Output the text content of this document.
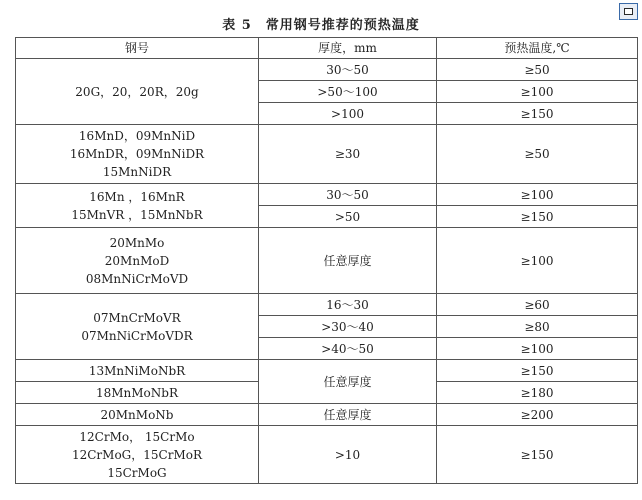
表 5　常用钢号推荐的预热温度
钢号	厚度，mm	预热温度,℃

20G，20，20R，20g	30～50	≥50
	>50～100	≥100
	>100	≥150

16MnD，09MnNiD
16MnDR，09MnNiDR
15MnNiDR	≥30	≥50

16Mn ，16MnR
15MnVR ，15MnNbR	30～50	≥100
	>50	≥150

20MnMo
20MnMoD
08MnNiCrMoVD	任意厚度	≥100

07MnCrMoVR
07MnNiCrMoVDR	16～30	≥60
	>30～40	≥80
	>40～50	≥100

13MnNiMoNbR	任意厚度	≥150

18MnMoNbR		≥180

20MnMoNb	任意厚度	≥200

12CrMo， 15CrMo
12CrMoG，15CrMoR
15CrMoG	>10	≥150
